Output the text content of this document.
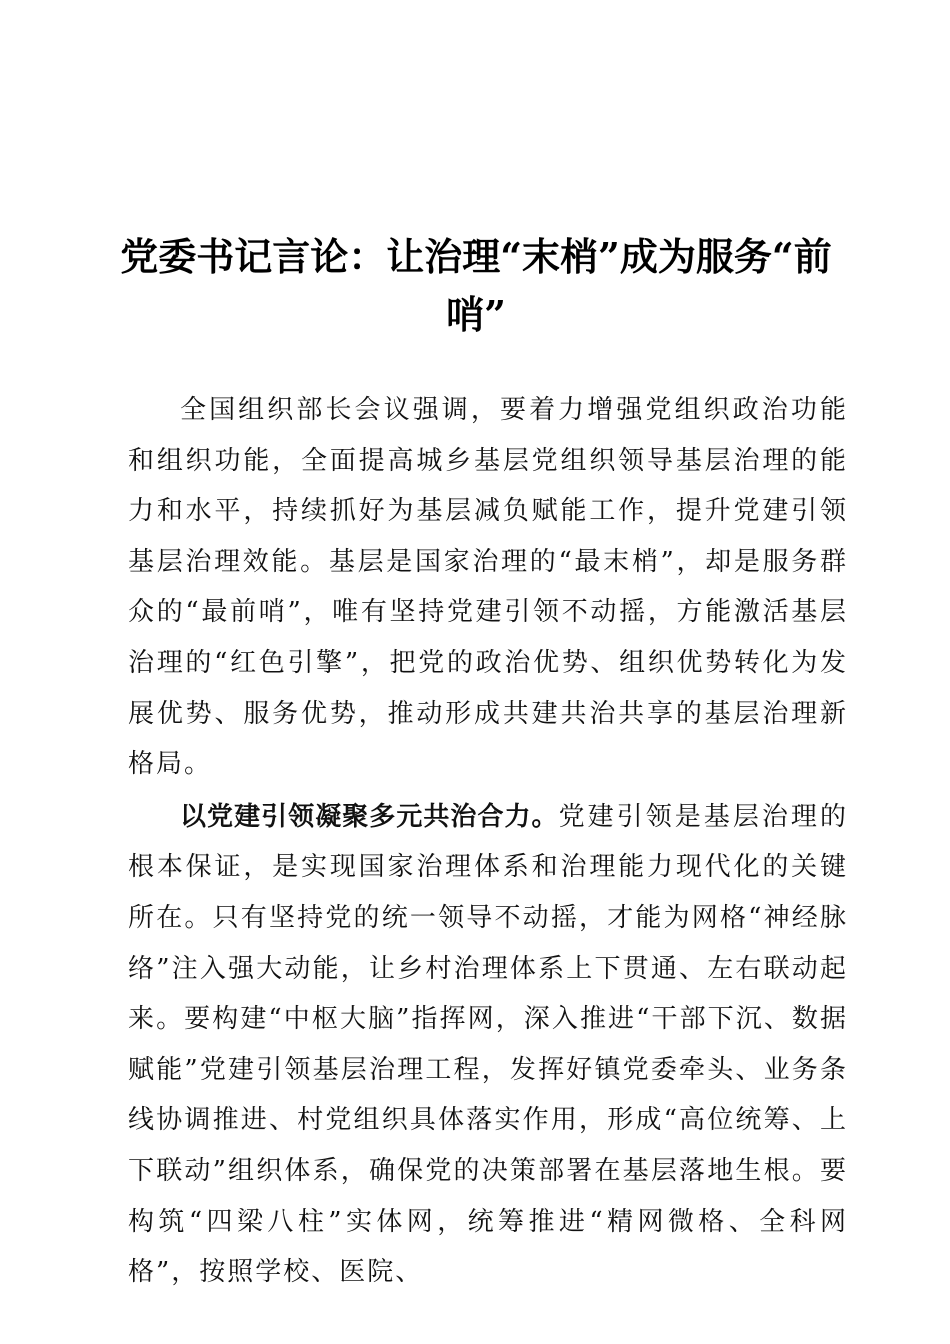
党委书记言论：让治理“末梢”成为服务“前哨”

全国组织部长会议强调，要着力增强党组织政治功能和组织功能，全面提高城乡基层党组织领导基层治理的能力和水平，持续抓好为基层减负赋能工作，提升党建引领基层治理效能。基层是国家治理的“最末梢”，却是服务群众的“最前哨”，唯有坚持党建引领不动摇，方能激活基层治理的“红色引擎”，把党的政治优势、组织优势转化为发展优势、服务优势，推动形成共建共治共享的基层治理新格局。

以党建引领凝聚多元共治合力。党建引领是基层治理的根本保证，是实现国家治理体系和治理能力现代化的关键所在。只有坚持党的统一领导不动摇，才能为网格“神经脉络”注入强大动能，让乡村治理体系上下贯通、左右联动起来。要构建“中枢大脑”指挥网，深入推进“干部下沉、数据赋能”党建引领基层治理工程，发挥好镇党委牵头、业务条线协调推进、村党组织具体落实作用，形成“高位统筹、上下联动”组织体系，确保党的决策部署在基层落地生根。要构筑“四梁八柱”实体网，统筹推进“精网微格、全科网格”，按照学校、医院、
